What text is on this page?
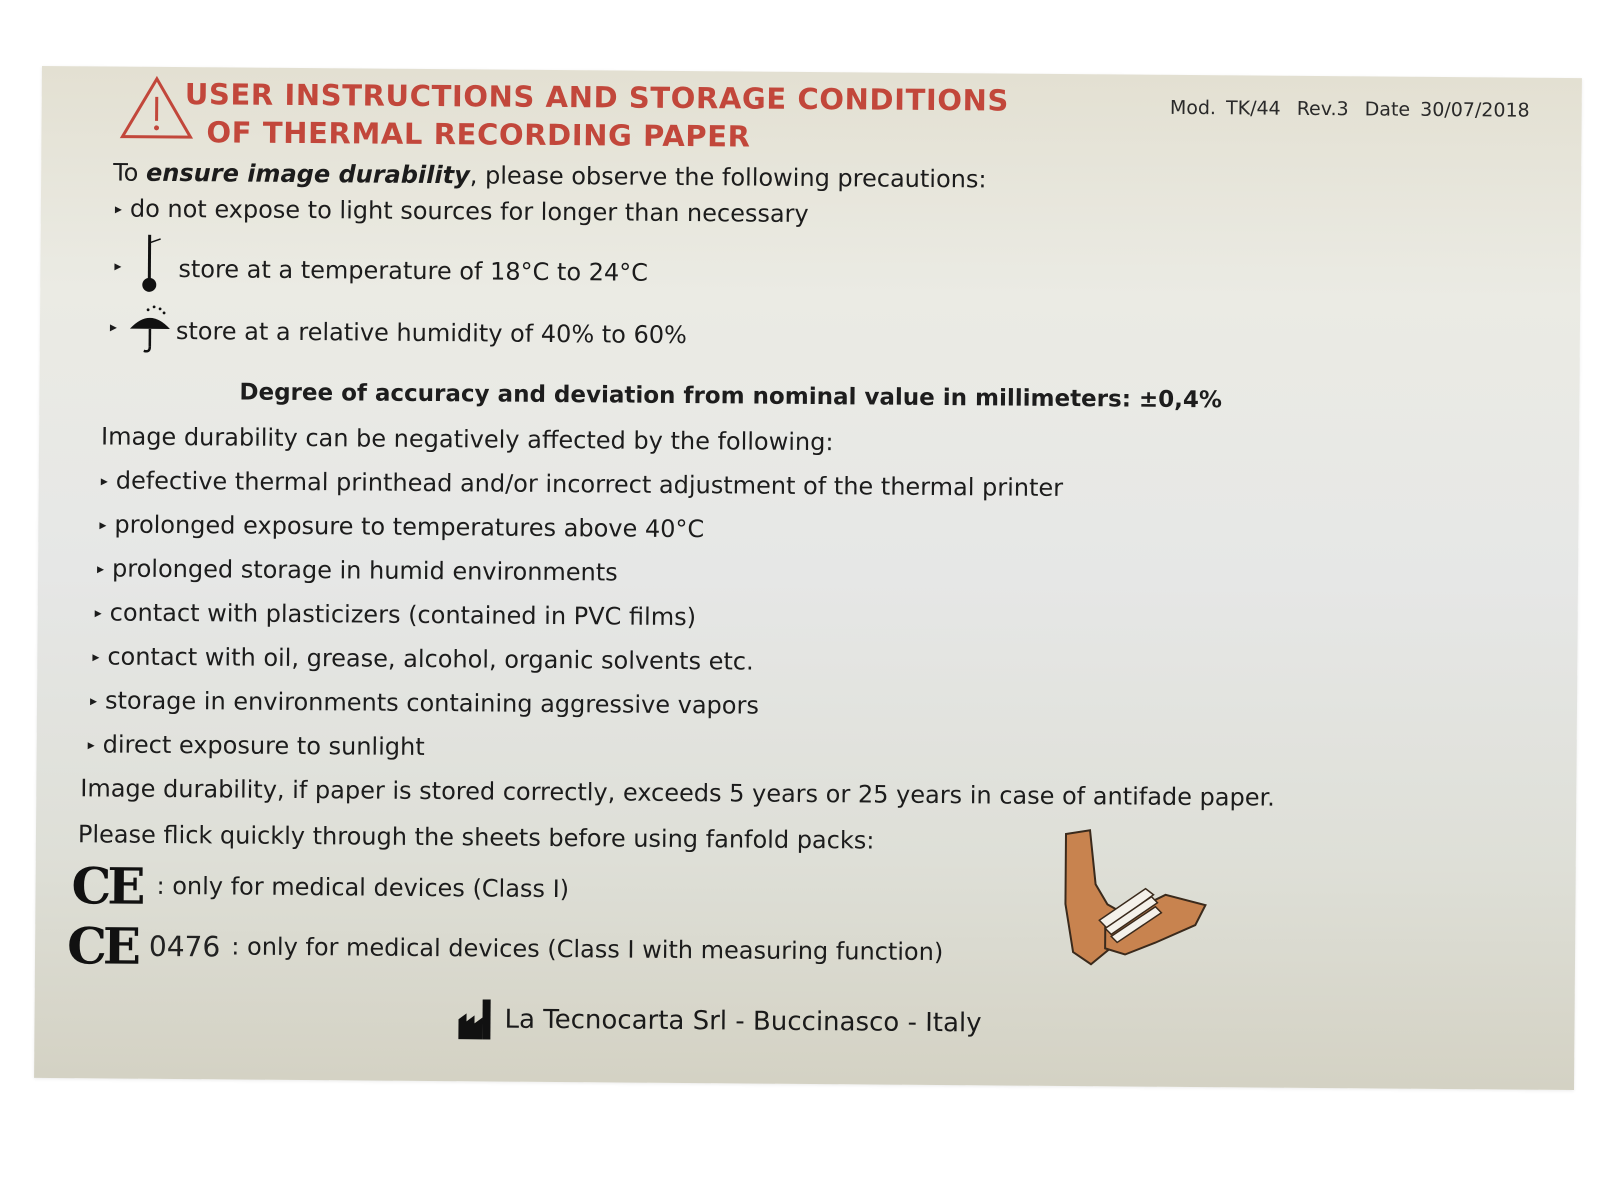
USER INSTRUCTIONS AND STORAGE CONDITIONS
OF THERMAL RECORDING PAPER
Mod. TK/44 Rev.3 Date 30/07/2018
To ensure image durability, please observe the following precautions:
▸ do not expose to light sources for longer than necessary
▸	store at a temperature of 18°C to 24°C
▸	store at a relative humidity of 40% to 60%
Degree of accuracy and deviation from nominal value in millimeters: ±0,4%
Image durability can be negatively affected by the following:
▸ defective thermal printhead and/or incorrect adjustment of the thermal printer
▸ prolonged exposure to temperatures above 40°C
▸ prolonged storage in humid environments
▸ contact with plasticizers (contained in PVC films)
▸ contact with oil, grease, alcohol, organic solvents etc.
▸ storage in environments containing aggressive vapors
▸ direct exposure to sunlight
Image durability, if paper is stored correctly, exceeds 5 years or 25 years in case of antifade paper.
Please flick quickly through the sheets before using fanfold packs:
CE : only for medical devices (Class I)
CE 0476 : only for medical devices (Class I with measuring function)
La Tecnocarta Srl - Buccinasco - Italy
